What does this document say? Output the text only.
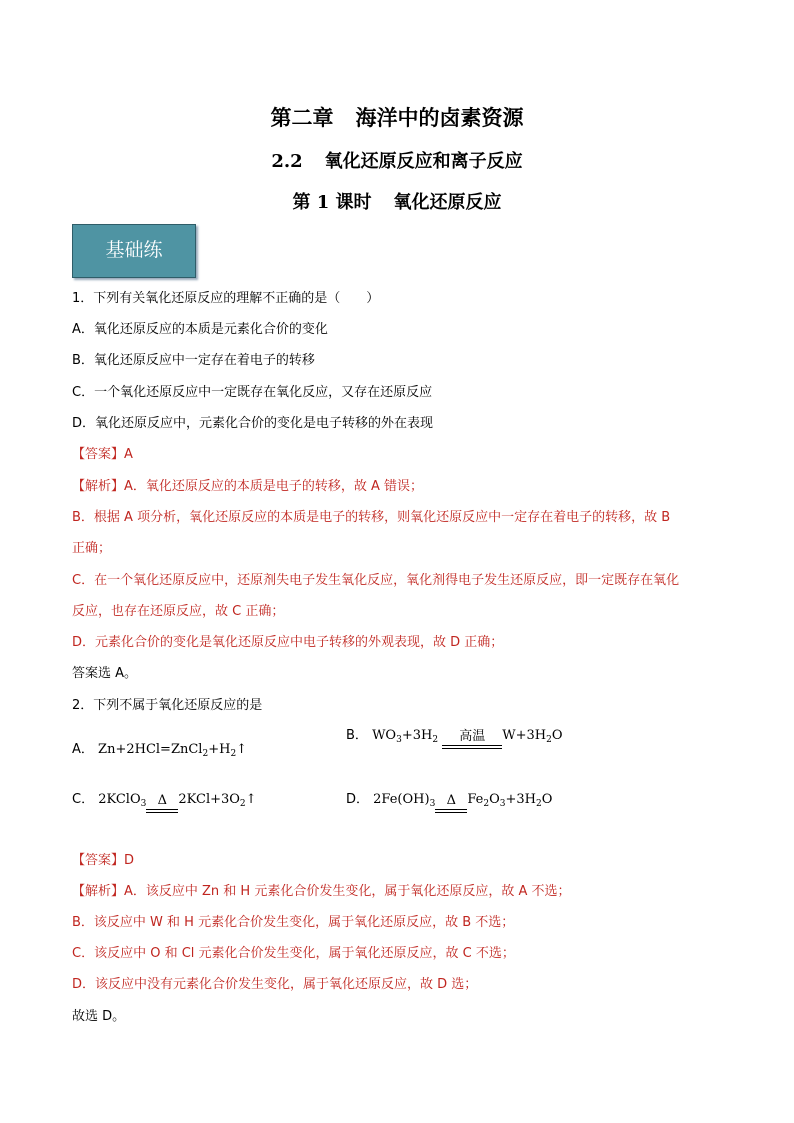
第二章 海洋中的卤素资源
2.2 氧化还原反应和离子反应
第 1 课时 氧化还原反应
基础练
1．下列有关氧化还原反应的理解不正确的是（　　）
A．氧化还原反应的本质是元素化合价的变化
B．氧化还原反应中一定存在着电子的转移
C．一个氧化还原反应中一定既存在氧化反应，又存在还原反应
D．氧化还原反应中，元素化合价的变化是电子转移的外在表现
【答案】A
【解析】A．氧化还原反应的本质是电子的转移，故 A 错误；
B．根据 A 项分析，氧化还原反应的本质是电子的转移，则氧化还原反应中一定存在着电子的转移，故 B
正确；
C．在一个氧化还原反应中，还原剂失电子发生氧化反应，氧化剂得电子发生还原反应，即一定既存在氧化
反应，也存在还原反应，故 C 正确；
D．元素化合价的变化是氧化还原反应中电子转移的外观表现，故 D 正确；
答案选 A。
2．下列不属于氧化还原反应的是
A． $Zn+2HCl=ZnCl_2+H_2↑$
B． $WO_3+3H_2$	高温	$W+3H_2O$
C． 2KClO$_3$ Δ $2KCl+3O_2↑$	D． $2Fe(OH)_3$ Δ $Fe_2O_3+3H_2O$
【答案】D
【解析】A．该反应中 Zn 和 H 元素化合价发生变化，属于氧化还原反应，故 A 不选；
B．该反应中 W 和 H 元素化合价发生变化，属于氧化还原反应，故 B 不选；
C．该反应中 O 和 Cl 元素化合价发生变化，属于氧化还原反应，故 C 不选；
D．该反应中没有元素化合价发生变化，属于氧化还原反应，故 D 选；
故选 D。
